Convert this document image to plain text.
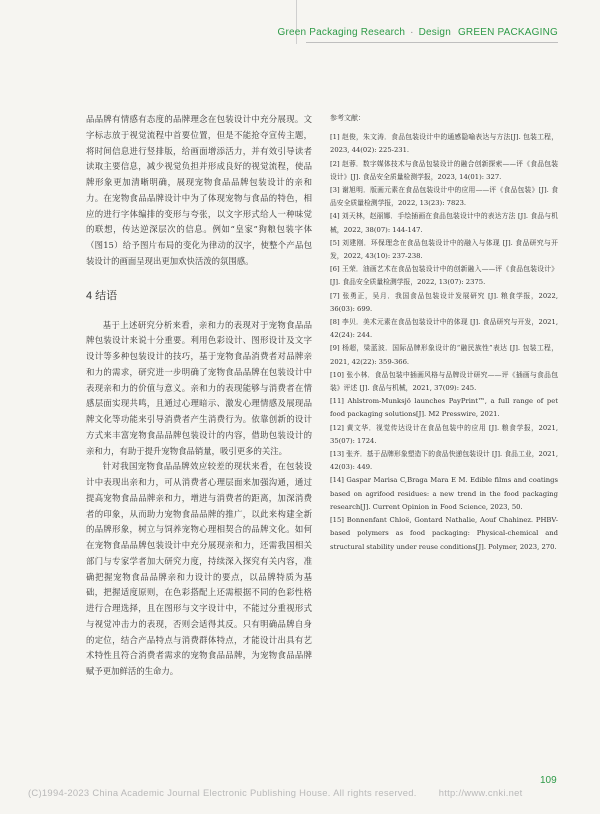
Green Packaging Research · Design GREEN PACKAGING

品品牌有情感有态度的品牌理念在包装设计中充分展现。文字标志放于视觉流程中首要位置，但是不能抢夺宣传主题，将时间信息进行竖排版，给画面增添活力，并有效引导读者读取主要信息，减少视觉负担并形成良好的视觉流程，使品牌形象更加清晰明确，展现宠物食品品牌包装设计的亲和力。在宠物食品品牌设计中为了体现宠物与食品的特色，相应的进行字体编排的变形与夸张，以文字形式给人一种味觉的联想，传达逆深层次的信息。例如“皇家”狗粮包装字体（图15）给予图片布局的变化为律动的汉字，使整个产品包装设计的画面呈现出更加欢快活泼的氛围感。

4 结语

基于上述研究分析来看，亲和力的表现对于宠物食品品牌包装设计来说十分重要。利用色彩设计、图形设计及文字设计等多种包装设计的技巧，基于宠物食品消费者对品牌亲和力的需求，研究进一步明确了宠物食品品牌在包装设计中表现亲和力的价值与意义。亲和力的表现能够与消费者在情感层面实现共鸣，且通过心理暗示、激发心理情感及展现品牌文化等功能来引导消费者产生消费行为。依靠创新的设计方式来丰富宠物食品品牌包装设计的内容，借助包装设计的亲和力，有助于提升宠物食品销量，吸引更多的关注。

针对我国宠物食品品牌效应较差的现状来看，在包装设计中表现出亲和力，可从消费者心理层面来加强沟通，通过提高宠物食品品牌亲和力，增进与消费者的距离，加深消费者的印象，从而助力宠物食品品牌的推广，以此来构建全新的品牌形象，树立与饲养宠物心理相契合的品牌文化。如何在宠物食品品牌包装设计中充分展现亲和力，还需我国相关部门与专家学者加大研究力度，持续深入探究有关内容，准确把握宠物食品品牌亲和力设计的要点，以品牌特质为基础，把握适度原则，在色彩搭配上还需根据不同的色彩性格进行合理选择，且在图形与文字设计中，不能过分重视形式与视觉冲击力的表现，否则会适得其反。只有明确品牌自身的定位，结合产品特点与消费群体特点，才能设计出具有艺术特性且符合消费者需求的宠物食品品牌，为宠物食品品牌赋予更加鲜活的生命力。

参考文献：

[1] 赵俊，朱文涛．食品包装设计中的通感隐喻表达与方法[J]. 包装工程，2023, 44(02): 225-231.

[2] 赵蓉．数字媒体技术与食品包装设计的融合创新探索——评《食品包装设计》[J]. 食品安全质量检测学报，2023, 14(01): 327.

[3] 谢旭明．版画元素在食品包装设计中的应用——评《食品包装》[J]. 食品安全质量检测学报，2022, 13(23): 7823.

[4] 刘天林，赵丽娜．手绘插画在食品包装设计中的表达方法 [J]. 食品与机械，2022, 38(07): 144-147.

[5] 刘建刚．环保理念在食品包装设计中的融入与体现 [J]. 食品研究与开发，2022, 43(10): 237-238.

[6] 王荣．油画艺术在食品包装设计中的创新融入——评《食品包装设计》[J]. 食品安全质量检测学报，2022, 13(07): 2375.

[7] 张勇正，吴月．我国食品包装设计发展研究 [J]. 粮食学报，2022, 36(03): 699.

[8] 李贝．美术元素在食品包装设计中的体现 [J]. 食品研究与开发，2021, 42(24): 244.

[9] 杨超，梁蓝波．国际品牌形象设计的“融民族性”表达 [J]. 包装工程，2021, 42(22): 359-366.

[10] 张小林．食品包装中插画风格与品牌设计研究——评《插画与食品包装》评述 [J]. 食品与机械，2021, 37(09): 245.

[11] Ahlstrom-Munksjö launches PayPrint™, a full range of pet food packaging solutions[J]. M2 Presswire, 2021.

[12] 黄文华．视觉传达设计在食品包装中的应用 [J]. 粮食学报，2021, 35(07): 1724.

[13] 张齐．基于品牌形象塑造下的食品快递包装设计 [J]. 食品工业，2021, 42(03): 449.

[14] Gaspar Marisa C,Braga Mara E M. Edible films and coatings based on agrifood residues: a new trend in the food packaging research[J]. Current Opinion in Food Science, 2023, 50.

[15] Bonnenfant Chloë, Gontard Nathalie, Aouf Chahinez. PHBV-based polymers as food packaging: Physical-chemical and structural stability under reuse conditions[J]. Polymer, 2023, 270.

109
(C)1994-2023 China Academic Journal Electronic Publishing House. All rights reserved. http://www.cnki.net
